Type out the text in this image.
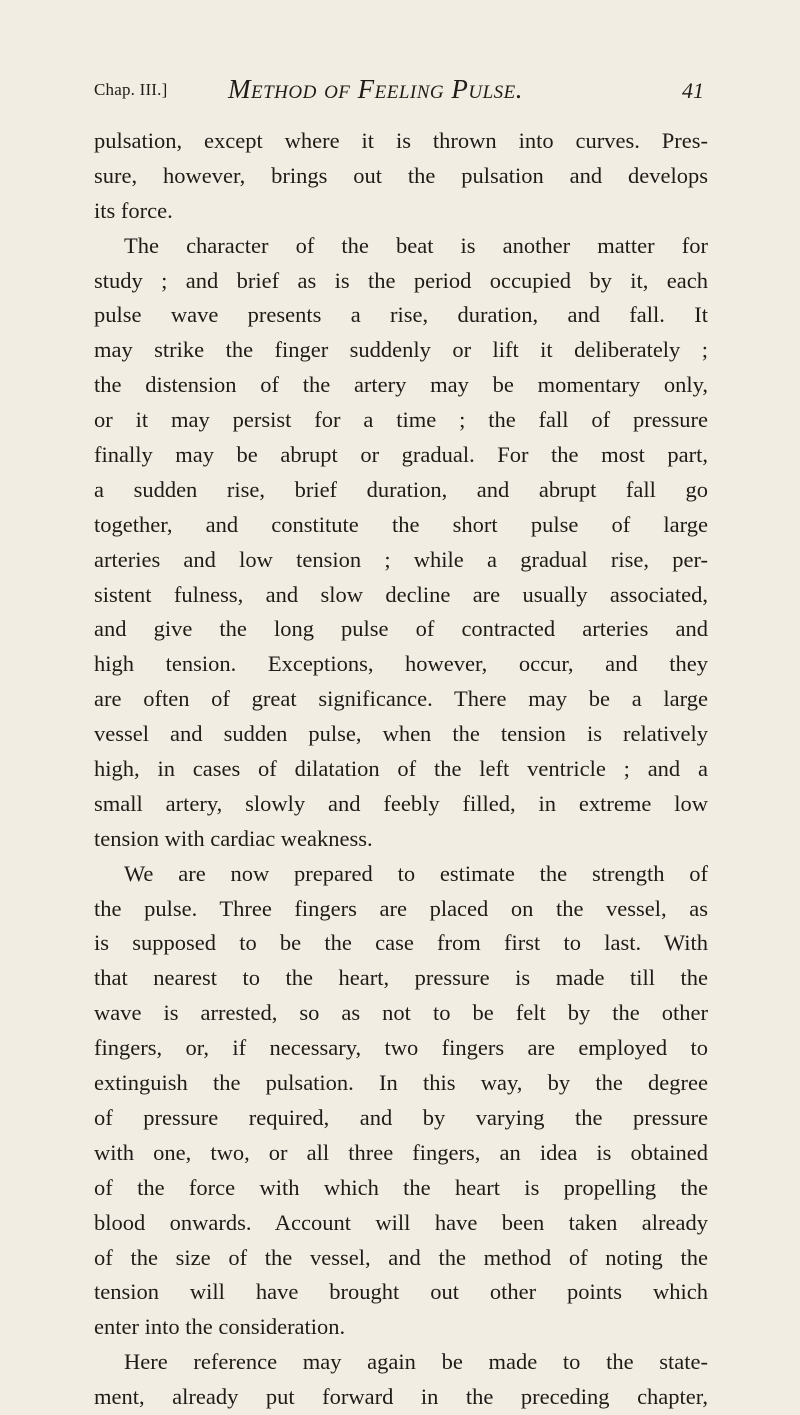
Chap. III.] Method of Feeling Pulse.	41
pulsation, except where it is thrown into curves. Pres-
sure, however, brings out the pulsation and develops
its force.
The character of the beat is another matter for
study ; and brief as is the period occupied by it, each
pulse wave presents a rise, duration, and fall. It
may strike the finger suddenly or lift it deliberately ;
the distension of the artery may be momentary only,
or it may persist for a time ; the fall of pressure
finally may be abrupt or gradual. For the most part,
a sudden rise, brief duration, and abrupt fall go
together, and constitute the short pulse of large
arteries and low tension ; while a gradual rise, per-
sistent fulness, and slow decline are usually associated,
and give the long pulse of contracted arteries and
high tension. Exceptions, however, occur, and they
are often of great significance. There may be a large
vessel and sudden pulse, when the tension is relatively
high, in cases of dilatation of the left ventricle ; and a
small artery, slowly and feebly filled, in extreme low
tension with cardiac weakness.
We are now prepared to estimate the strength of
the pulse. Three fingers are placed on the vessel, as
is supposed to be the case from first to last. With
that nearest to the heart, pressure is made till the
wave is arrested, so as not to be felt by the other
fingers, or, if necessary, two fingers are employed to
extinguish the pulsation. In this way, by the degree
of pressure required, and by varying the pressure
with one, two, or all three fingers, an idea is obtained
of the force with which the heart is propelling the
blood onwards. Account will have been taken already
of the size of the vessel, and the method of noting the
tension will have brought out other points which
enter into the consideration.
Here reference may again be made to the state-
ment, already put forward in the preceding chapter,
